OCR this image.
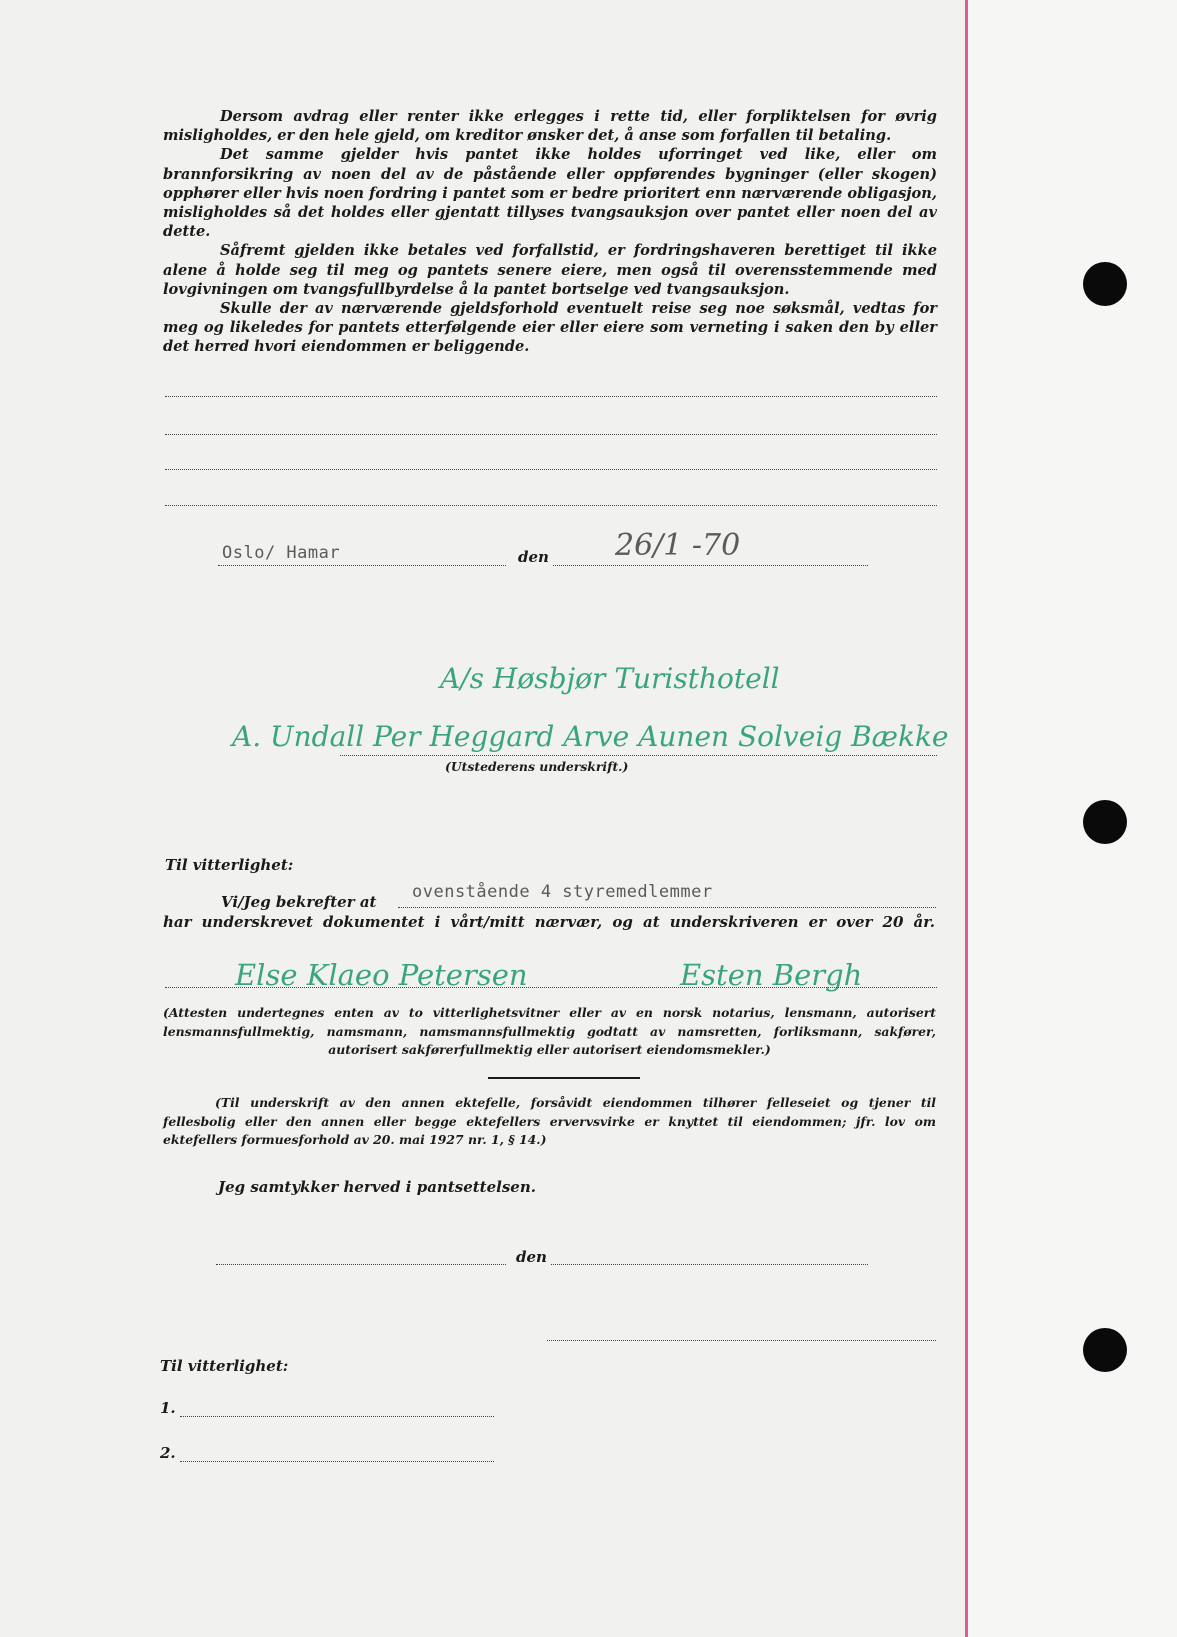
Dersom avdrag eller renter ikke erlegges i rette tid, eller forpliktelsen for øvrig misligholdes, er den hele gjeld, om kreditor ønsker det, å anse som forfallen til betaling.

Det samme gjelder hvis pantet ikke holdes uforringet ved like, eller om brannforsikring av noen del av de påstående eller oppførendes bygninger (eller skogen) opphører eller hvis noen fordring i pantet som er bedre prioritert enn nærværende obligasjon, misligholdes så det holdes eller gjentatt tillyses tvangsauksjon over pantet eller noen del av dette.

Såfremt gjelden ikke betales ved forfallstid, er fordringshaveren berettiget til ikke alene å holde seg til meg og pantets senere eiere, men også til overensstemmende med lovgivningen om tvangsfullbyrdelse å la pantet bortselge ved tvangsauksjon.

Skulle der av nærværende gjeldsforhold eventuelt reise seg noe søksmål, vedtas for meg og likeledes for pantets etterfølgende eier eller eiere som verneting i saken den by eller det herred hvori eiendommen er beliggende.

Oslo/ Hamar	den 26/1 -70
A/s Høsbjør Turisthotell
A. Undall Per Heggard Arve Aunen Solveig Bække
(Utstederens underskrift.)
Til vitterlighet:
Vi/Jeg bekrefter at ovenstående 4 styremedlemmer
har underskrevet dokumentet i vårt/mitt nærvær, og at underskriveren er over 20 år.
Else Klaeo Petersen	Esten Bergh

(Attesten undertegnes enten av to vitterlighetsvitner eller av en norsk notarius, lensmann, autorisert lensmannsfullmektig, namsmann, namsmannsfullmektig godtatt av namsretten, forliksmann, sakfører, autorisert sakførerfullmektig eller autorisert eiendomsmekler.)

(Til underskrift av den annen ektefelle, forsåvidt eiendommen tilhører felleseiet og tjener til fellesbolig eller den annen eller begge ektefellers ervervsvirke er knyttet til eiendommen; jfr. lov om ektefellers formuesforhold av 20. mai 1927 nr. 1, § 14.)

Jeg samtykker herved i pantsettelsen.
den
Til vitterlighet:
1.
2.
